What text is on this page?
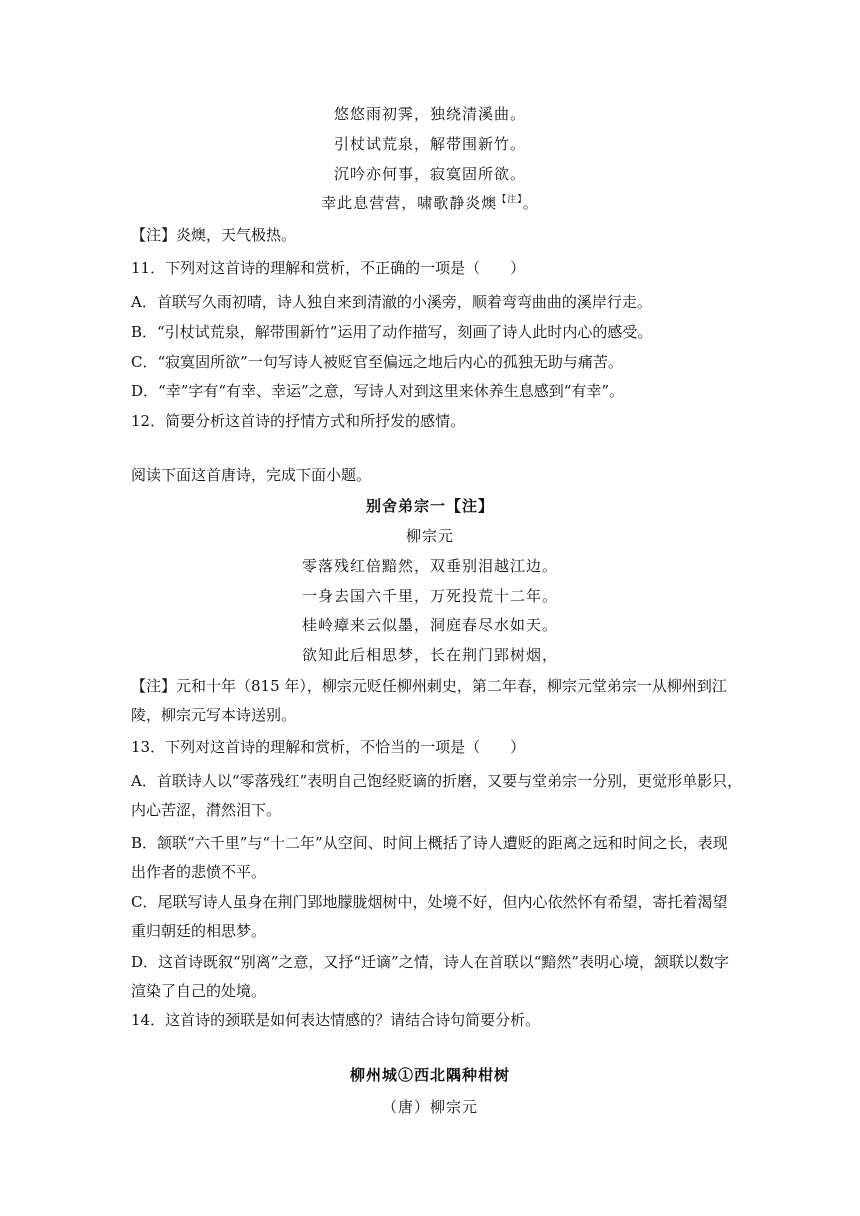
悠悠雨初霁，独绕清溪曲。
引杖试荒泉，解带围新竹。
沉吟亦何事，寂寞固所欲。
幸此息营营，啸歌静炎燠$^{【注】}$。
【注】炎燠，天气极热。
11．下列对这首诗的理解和赏析，不正确的一项是（　　）
A．首联写久雨初晴，诗人独自来到清澈的小溪旁，顺着弯弯曲曲的溪岸行走。
B．“引杖试荒泉，解带围新竹”运用了动作描写，刻画了诗人此时内心的感受。
C．“寂寞固所欲”一句写诗人被贬官至偏远之地后内心的孤独无助与痛苦。
D．“幸”字有“有幸、幸运”之意，写诗人对到这里来休养生息感到“有幸”。
12．简要分析这首诗的抒情方式和所抒发的感情。
阅读下面这首唐诗，完成下面小题。
别舍弟宗一【注】
柳宗元
零落残红倍黯然，双垂别泪越江边。
一身去国六千里，万死投荒十二年。
桂岭瘴来云似墨，洞庭春尽水如天。
欲知此后相思梦，长在荆门郢树烟，
【注】元和十年（815 年），柳宗元贬任柳州刺史，第二年春，柳宗元堂弟宗一从柳州到江
陵，柳宗元写本诗送别。
13．下列对这首诗的理解和赏析，不恰当的一项是（　　）
A．首联诗人以“零落残红”表明自己饱经贬谪的折磨，又要与堂弟宗一分别，更觉形单影只，
内心苦涩，潸然泪下。
B．颔联“六千里”与“十二年”从空间、时间上概括了诗人遭贬的距离之远和时间之长，表现
出作者的悲愤不平。
C．尾联写诗人虽身在荆门郢地朦胧烟树中，处境不好，但内心依然怀有希望，寄托着渴望
重归朝廷的相思梦。
D．这首诗既叙“别离”之意，又抒“迁谪”之情，诗人在首联以“黯然”表明心境，颔联以数字
渲染了自己的处境。
14．这首诗的颈联是如何表达情感的？请结合诗句简要分析。
柳州城①西北隅种柑树
（唐）柳宗元
